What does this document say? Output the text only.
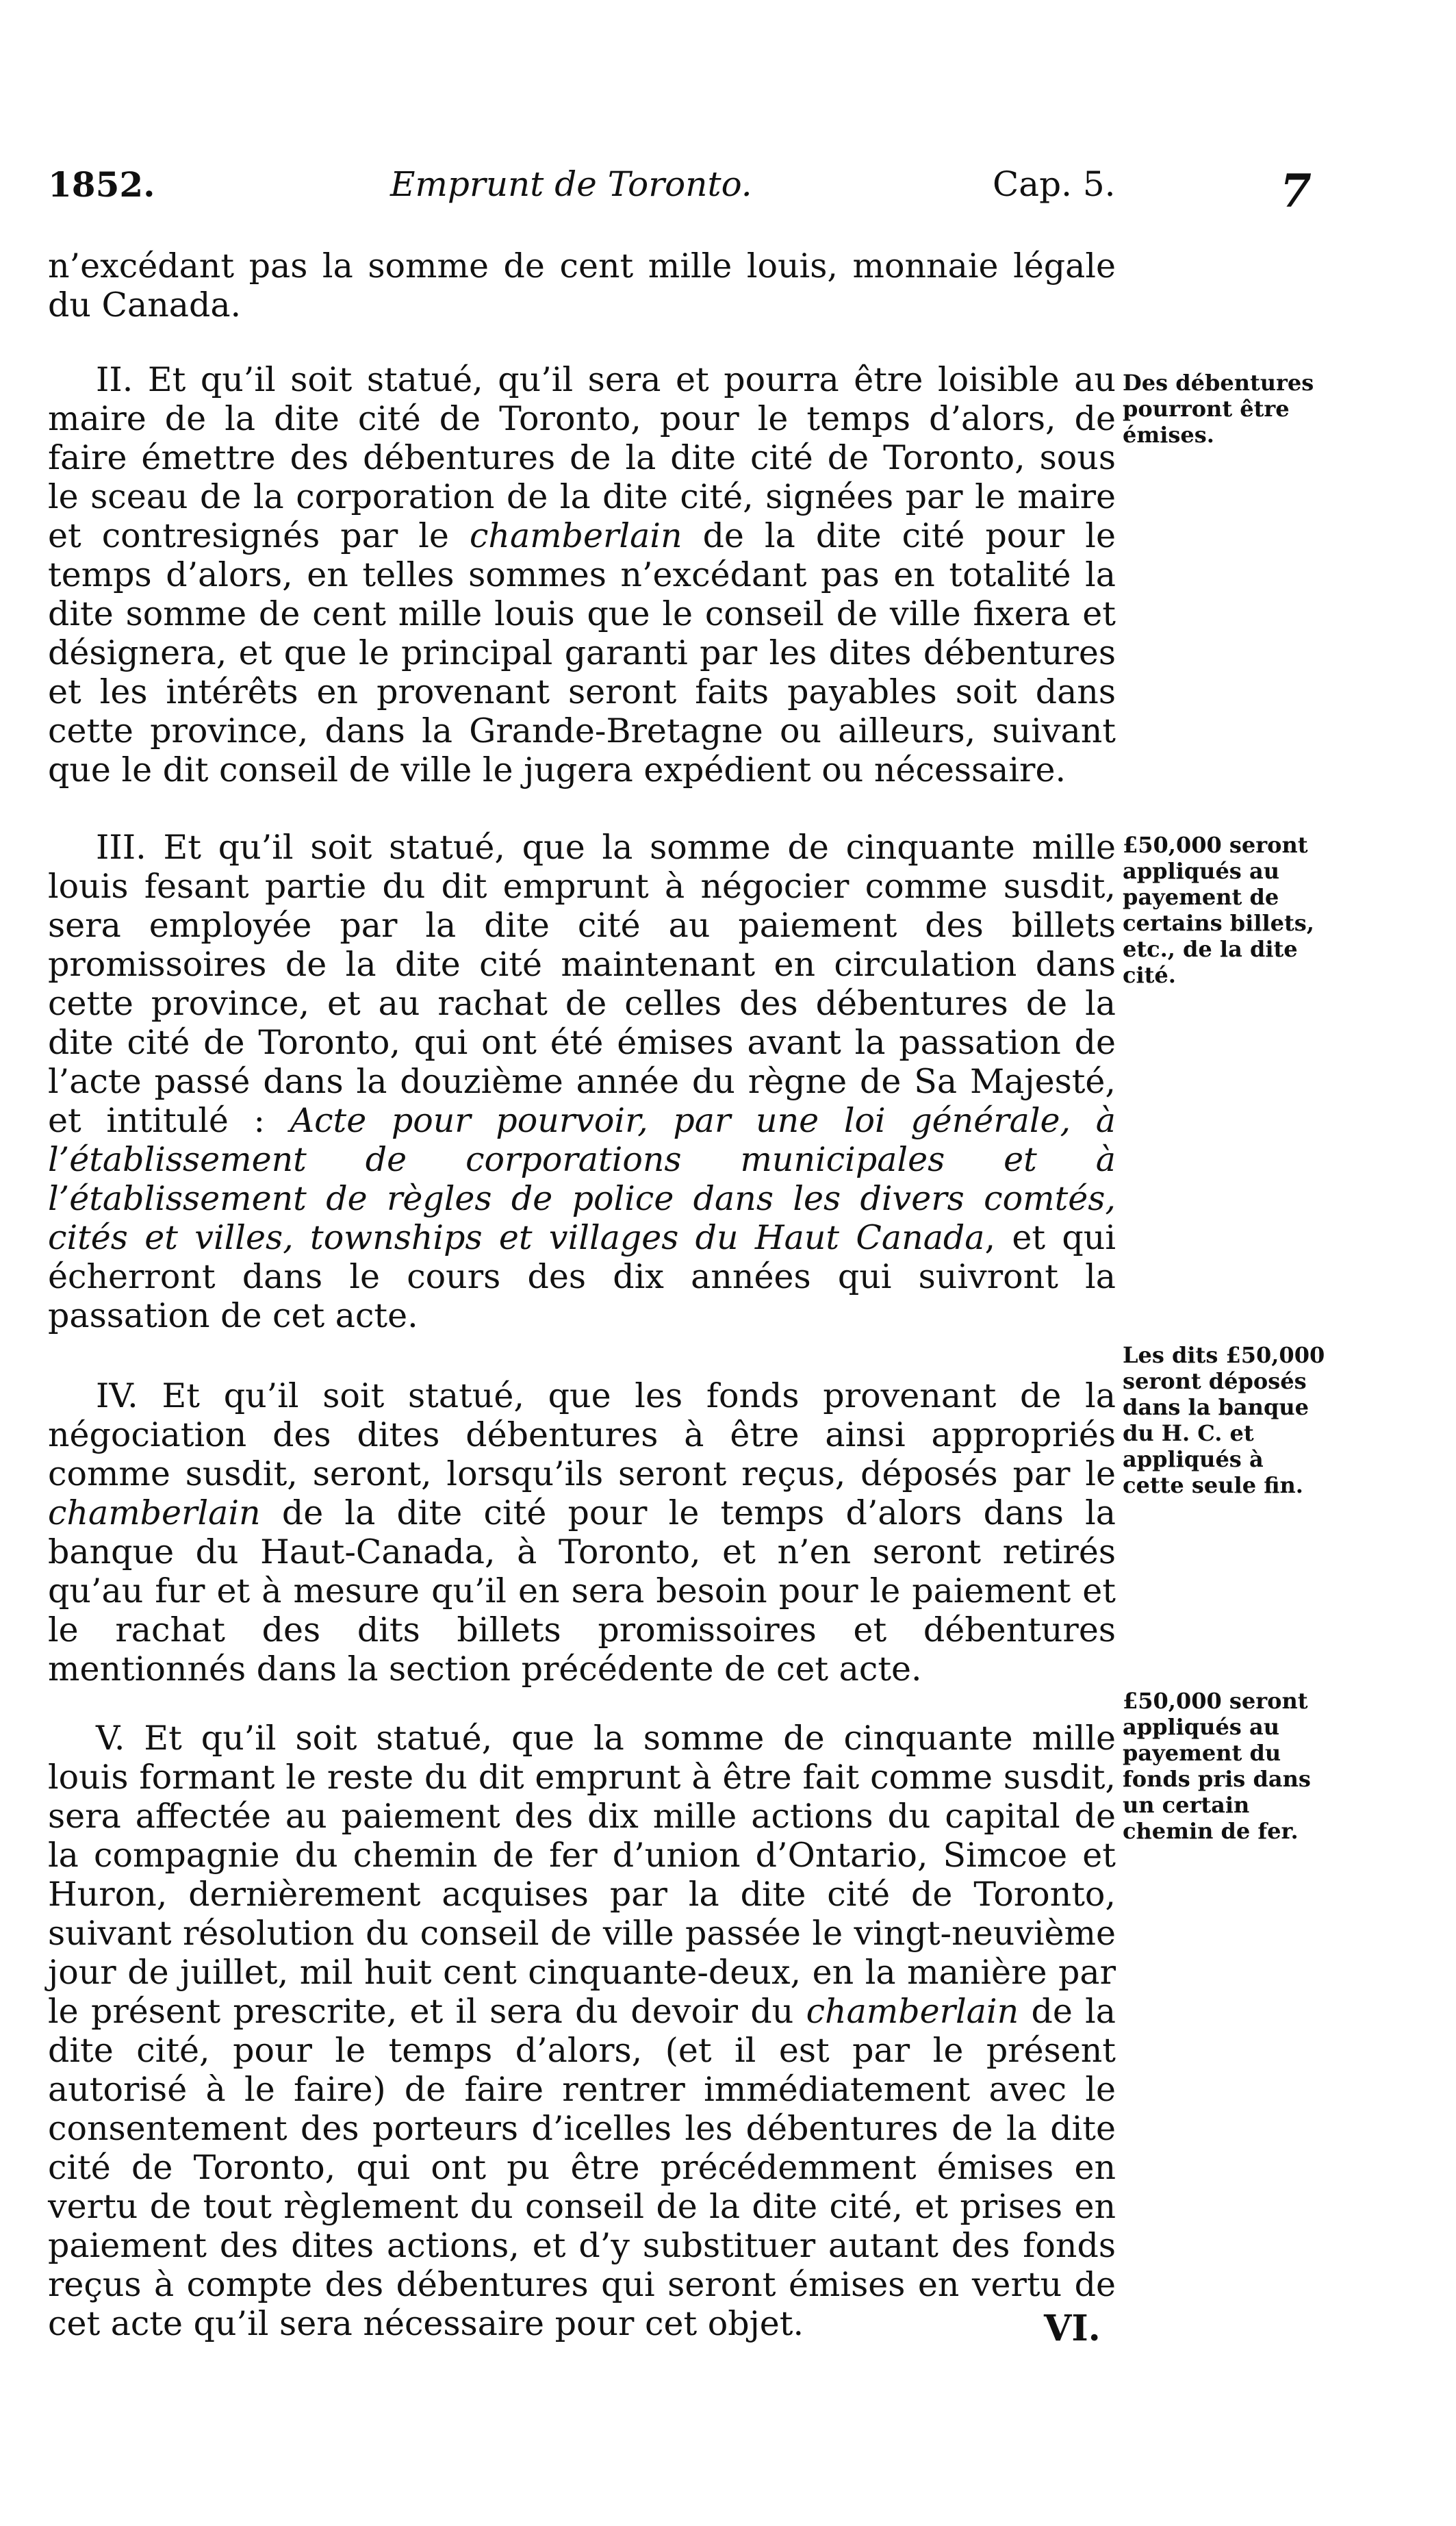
1852.	Emprunt de Toronto.	Cap. 5.	7

n’excédant pas la somme de cent mille louis, monnaie légale du Canada.

II. Et qu’il soit statué, qu’il sera et pourra être loisible au maire de la dite cité de Toronto, pour le temps d’alors, de faire émettre des débentures de la dite cité de Toronto, sous le sceau de la corporation de la dite cité, signées par le maire et contresignés par le chamberlain de la dite cité pour le temps d’alors, en telles sommes n’excédant pas en totalité la dite somme de cent mille louis que le conseil de ville fixera et désignera, et que le principal garanti par les dites débentures et les intérêts en provenant seront faits payables soit dans cette province, dans la Grande-Bretagne ou ailleurs, suivant que le dit conseil de ville le jugera expédient ou nécessaire.

III. Et qu’il soit statué, que la somme de cinquante mille louis fesant partie du dit emprunt à négocier comme susdit, sera employée par la dite cité au paiement des billets promissoires de la dite cité maintenant en circulation dans cette province, et au rachat de celles des débentures de la dite cité de Toronto, qui ont été émises avant la passation de l’acte passé dans la douzième année du règne de Sa Majesté, et intitulé : Acte pour pourvoir, par une loi générale, à l’établissement de corporations municipales et à l’établissement de règles de police dans les divers comtés, cités et villes, townships et villages du Haut Canada, et qui écherront dans le cours des dix années qui suivront la passation de cet acte.

IV. Et qu’il soit statué, que les fonds provenant de la négociation des dites débentures à être ainsi appropriés comme susdit, seront, lorsqu’ils seront reçus, déposés par le chamberlain de la dite cité pour le temps d’alors dans la banque du Haut-Canada, à Toronto, et n’en seront retirés qu’au fur et à mesure qu’il en sera besoin pour le paiement et le rachat des dits billets promissoires et débentures mentionnés dans la section précédente de cet acte.

V. Et qu’il soit statué, que la somme de cinquante mille louis formant le reste du dit emprunt à être fait comme susdit, sera affectée au paiement des dix mille actions du capital de la compagnie du chemin de fer d’union d’Ontario, Simcoe et Huron, dernièrement acquises par la dite cité de Toronto, suivant résolution du conseil de ville passée le vingt-neuvième jour de juillet, mil huit cent cinquante-deux, en la manière par le présent prescrite, et il sera du devoir du chamberlain de la dite cité, pour le temps d’alors, (et il est par le présent autorisé à le faire) de faire rentrer immédiatement avec le consentement des porteurs d’icelles les débentures de la dite cité de Toronto, qui ont pu être précédemment émises en vertu de tout règlement du conseil de la dite cité, et prises en paiement des dites actions, et d’y substituer autant des fonds reçus à compte des débentures qui seront émises en vertu de cet acte qu’il sera nécessaire pour cet objet.

Des débentures pourront être émises.
£50,000 seront appliqués au payement de certains billets, etc., de la dite cité.
Les dits £50,000 seront déposés dans la banque du H. C. et appliqués à cette seule fin.
£50,000 seront appliqués au payement du fonds pris dans un certain chemin de fer.
VI.
